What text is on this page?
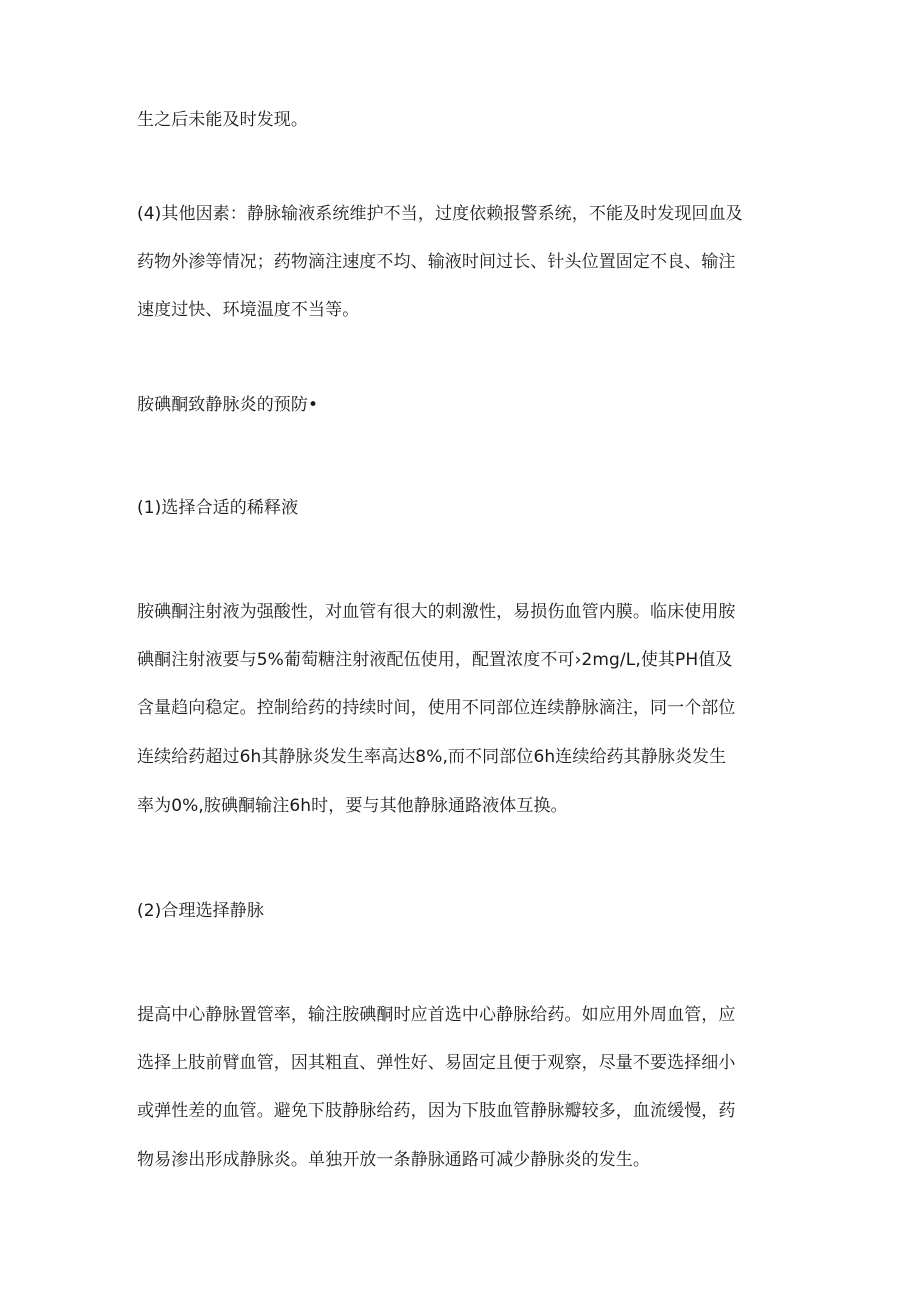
生之后未能及时发现。
(4)其他因素：静脉输液系统维护不当，过度依赖报警系统，不能及时发现回血及
药物外渗等情况；药物滴注速度不均、输液时间过长、针头位置固定不良、输注
速度过快、环境温度不当等。
胺碘酮致静脉炎的预防•
(1)选择合适的稀释液
胺碘酮注射液为强酸性，对血管有很大的刺激性，易损伤血管内膜。临床使用胺
碘酮注射液要与5%葡萄糖注射液配伍使用，配置浓度不可›2mg/L,使其PH值及
含量趋向稳定。控制给药的持续时间，使用不同部位连续静脉滴注，同一个部位
连续给药超过6h其静脉炎发生率高达8%,而不同部位6h连续给药其静脉炎发生
率为0%,胺碘酮输注6h时，要与其他静脉通路液体互换。
(2)合理选择静脉
提高中心静脉置管率，输注胺碘酮时应首选中心静脉给药。如应用外周血管，应
选择上肢前臂血管，因其粗直、弹性好、易固定且便于观察，尽量不要选择细小
或弹性差的血管。避免下肢静脉给药，因为下肢血管静脉瓣较多，血流缓慢，药
物易渗出形成静脉炎。单独开放一条静脉通路可减少静脉炎的发生。
